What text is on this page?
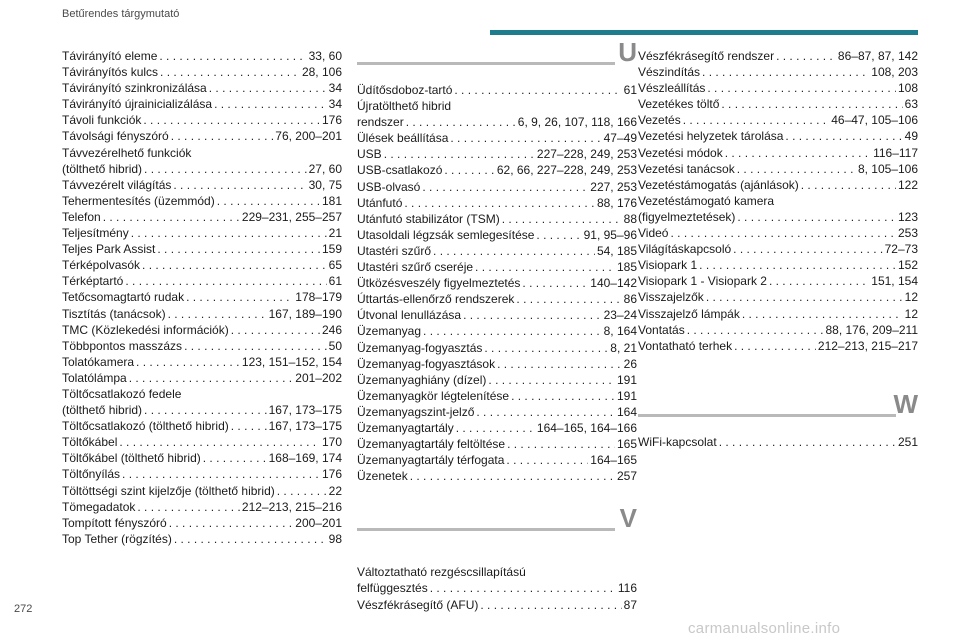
Betűrendes tárgymutató
Távirányító eleme . . .	33, 60
Távirányítós kulcs . . .	28, 106
Távirányító szinkronizálása . . .	34
Távirányító újrainicializálása . . .	34
Távoli funkciók . . .	176
Távolsági fényszóró . . .	76, 200–201
Távvezérelhető funkciók
(tölthető hibrid) . . .	27, 60
Távvezérelt világítás . . .	30, 75
Tehermentesítés (üzemmód) . . .	181
Telefon . . .	229–231, 255–257
Teljesítmény . . .	21
Teljes Park Assist . . .	159
Térképolvasók . . .	65
Térképtartó . . .	61
Tetőcsomagtartó rudak . . .	178–179
Tisztítás (tanácsok) . . .	167, 189–190
TMC (Közlekedési információk) . . .	246
Többpontos masszázs . . .	50
Tolatókamera . . .	123, 151–152, 154
Tolatólámpa . . .	201–202
Töltőcsatlakozó fedele
(tölthető hibrid) . . .	167, 173–175
Töltőcsatlakozó (tölthető hibrid) . . .	167, 173–175
Töltőkábel . . .	170
Töltőkábel (tölthető hibrid) . . .	168–169, 174
Töltőnyílás . . .	176
Töltöttségi szint kijelzője (tölthető hibrid) . . .	22
Tömegadatok . . .	212–213, 215–216
Tompított fényszóró . . .	200–201
Top Tether (rögzítés) . . .	98
U
Üdítősdoboz-tartó . . .	61
Újratölthető hibrid
rendszer . . .	6, 9, 26, 107, 118, 166
Ülések beállítása . . .	47–49
USB . . .	227–228, 249, 253
USB-csatlakozó . . .	62, 66, 227–228, 249, 253
USB-olvasó . . .	227, 253
Utánfutó . . .	88, 176
Utánfutó stabilizátor (TSM) . . .	88
Utasoldali légzsák semlegesítése . . .	91, 95–96
Utastéri szűrő . . .	54, 185
Utastéri szűrő cseréje . . .	185
Ütközésveszély figyelmeztetés . . .	140–142
Úttartás-ellenőrző rendszerek . . .	86
Útvonal lenullázása . . .	23–24
Üzemanyag . . .	8, 164
Üzemanyag-fogyasztás . . .	8, 21
Üzemanyag-fogyasztások . . .	26
Üzemanyaghiány (dízel) . . .	191
Üzemanyagkör légtelenítése . . .	191
Üzemanyagszint-jelző . . .	164
Üzemanyagtartály . . .	164–165, 164–166
Üzemanyagtartály feltöltése . . .	165
Üzemanyagtartály térfogata . . .	164–165
Üzenetek . . .	257
V
Változtatható rezgéscsillapítású
felfüggesztés . . .	116
Vészfékrásegítő (AFU) . . .	87
Vészfékrásegítő rendszer . . .	86–87, 87, 142
Vészindítás . . .	108, 203
Vészleállítás . . .	108
Vezetékes töltő . . .	63
Vezetés . . .	46–47, 105–106
Vezetési helyzetek tárolása . . .	49
Vezetési módok . . .	116–117
Vezetési tanácsok . . .	8, 105–106
Vezetéstámogatás (ajánlások) . . .	122
Vezetéstámogató kamera
(figyelmeztetések) . . .	123
Videó . . .	253
Világításkapcsoló . . .	72–73
Visiopark 1 . . .	152
Visiopark 1 - Visiopark 2 . . .	151, 154
Visszajelzők . . .	12
Visszajelző lámpák . . .	12
Vontatás . . .	88, 176, 209–211
Vontatható terhek . . .	212–213, 215–217
W
WiFi-kapcsolat . . .	251
272
carmanualsonline.info
